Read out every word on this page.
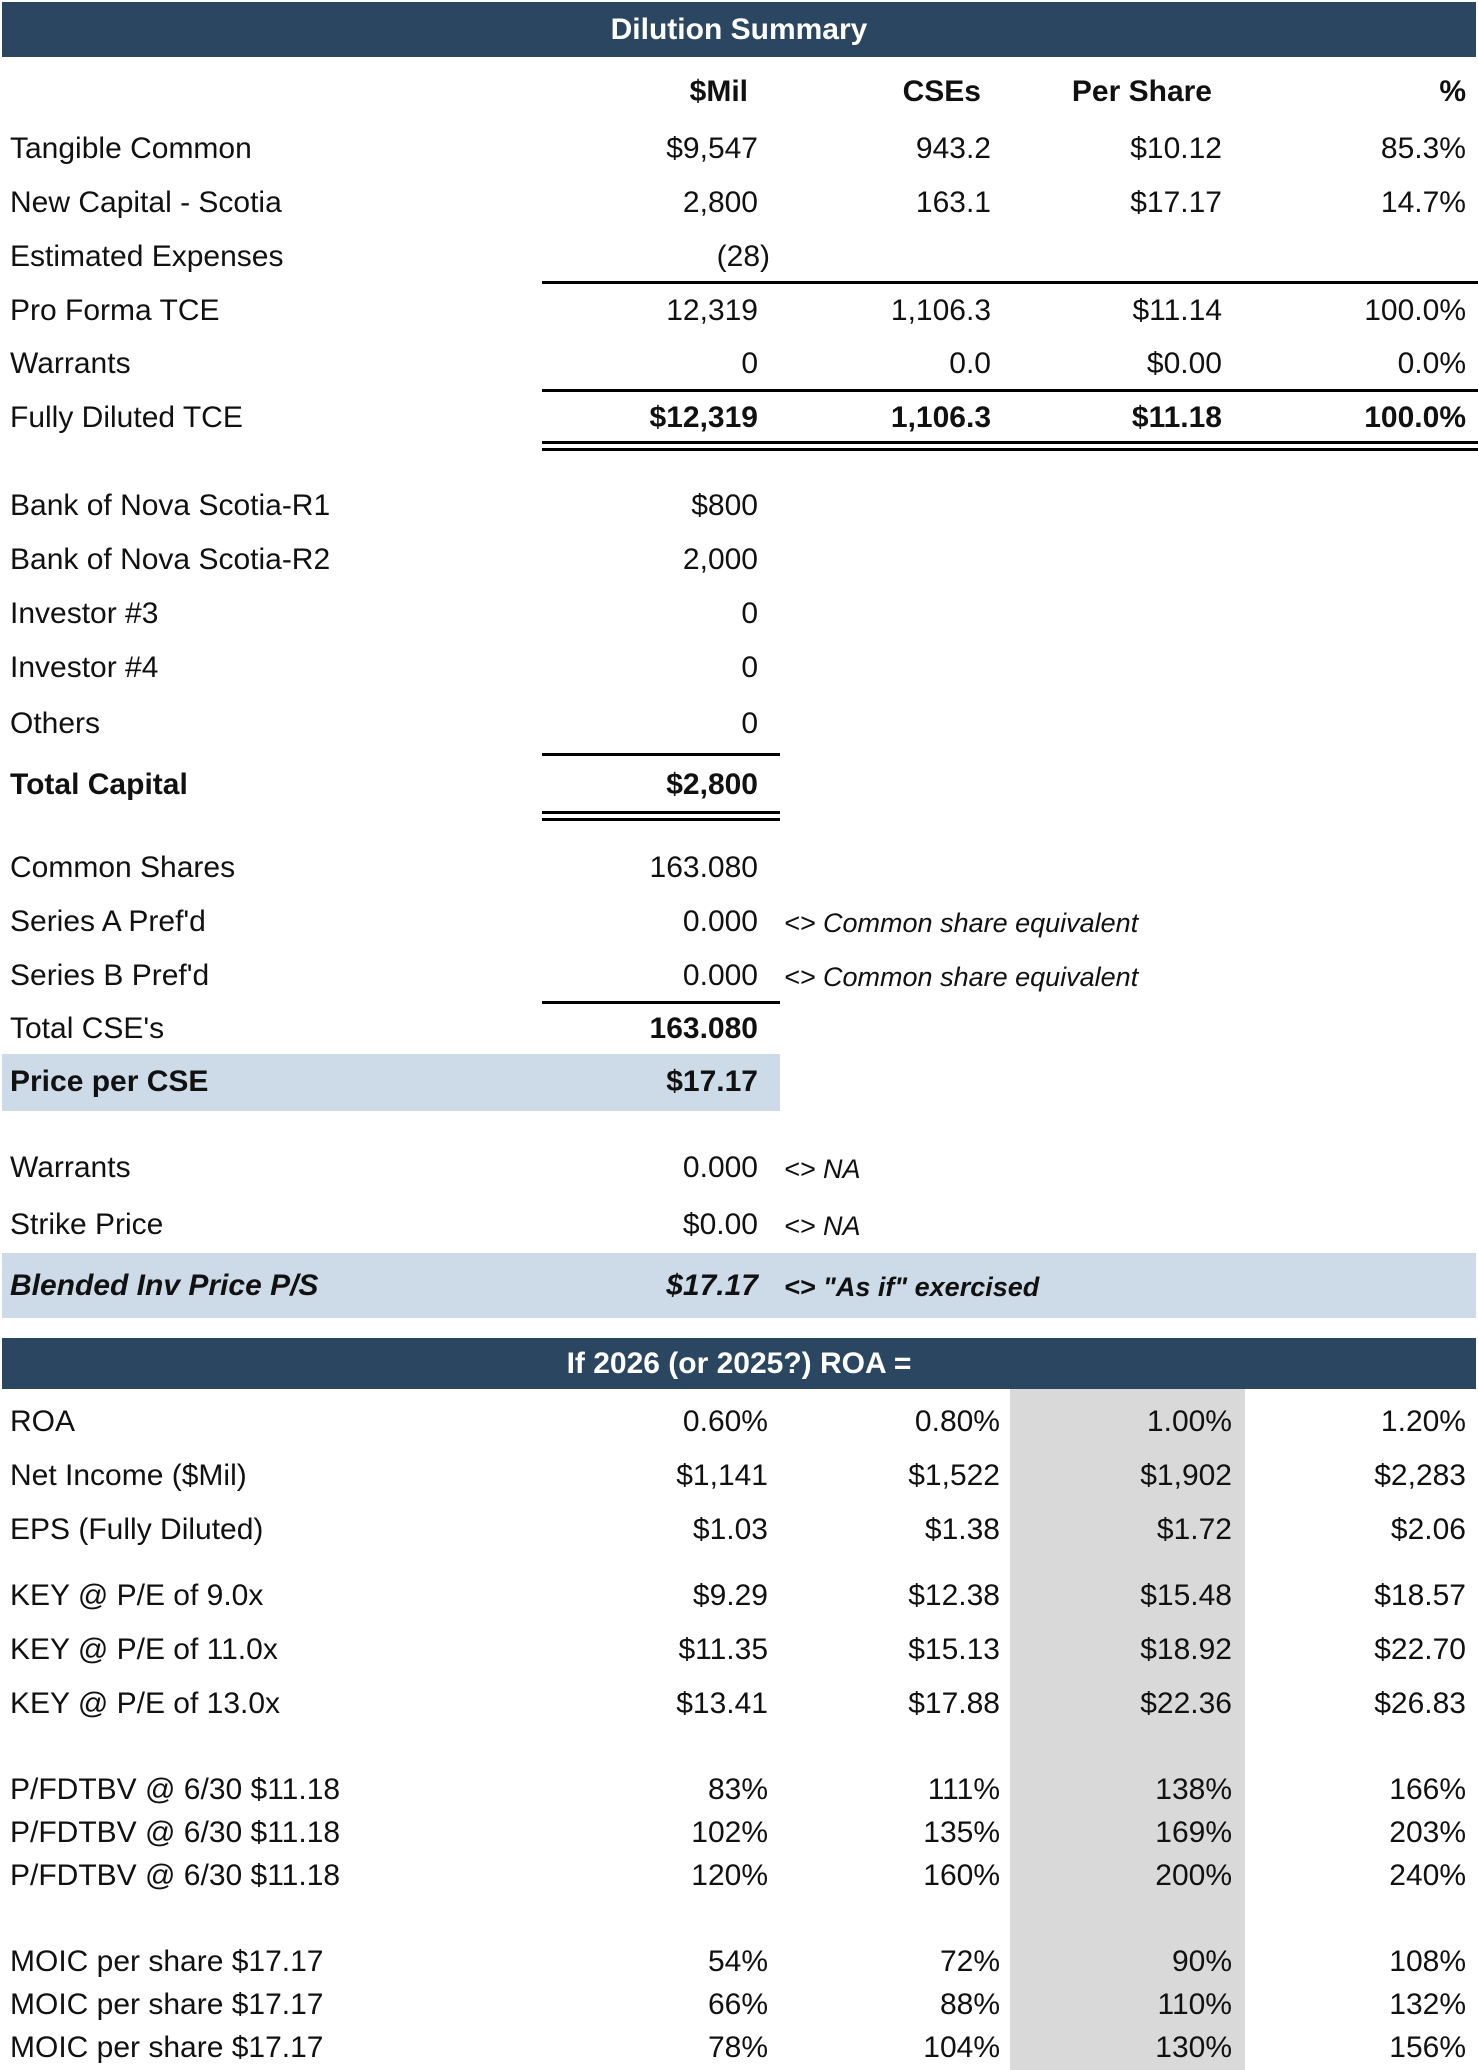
Dilution Summary
$Mil	CSEs	Per Share	%
Tangible Common	$9,547	943.2	$10.12	85.3%
New Capital - Scotia	2,800	163.1	$17.17	14.7%
Estimated Expenses	(28)
Pro Forma TCE	12,319	1,106.3	$11.14	100.0%
Warrants	0	0.0	$0.00	0.0%
Fully Diluted TCE	$12,319	1,106.3	$11.18	100.0%
Bank of Nova Scotia-R1	$800
Bank of Nova Scotia-R2	2,000
Investor #3	0
Investor #4	0
Others	0
Total Capital	$2,800
Common Shares	163.080
Series A Pref'd	0.000 <> Common share equivalent
Series B Pref'd	0.000 <> Common share equivalent
Total CSE's	163.080
Price per CSE	$17.17
Warrants	0.000 <> NA
Strike Price	$0.00 <> NA
Blended Inv Price P/S	$17.17 <> "As if" exercised
If 2026 (or 2025?) ROA =
ROA	0.60%	0.80%	1.00%	1.20%
Net Income ($Mil)	$1,141	$1,522	$1,902	$2,283
EPS (Fully Diluted)	$1.03	$1.38	$1.72	$2.06
KEY @ P/E of 9.0x	$9.29	$12.38	$15.48	$18.57
KEY @ P/E of 11.0x	$11.35	$15.13	$18.92	$22.70
KEY @ P/E of 13.0x	$13.41	$17.88	$22.36	$26.83
P/FDTBV @ 6/30 $11.18	83%	111%	138%	166%
P/FDTBV @ 6/30 $11.18	102%	135%	169%	203%
P/FDTBV @ 6/30 $11.18	120%	160%	200%	240%
MOIC per share $17.17	54%	72%	90%	108%
MOIC per share $17.17	66%	88%	110%	132%
MOIC per share $17.17	78%	104%	130%	156%
